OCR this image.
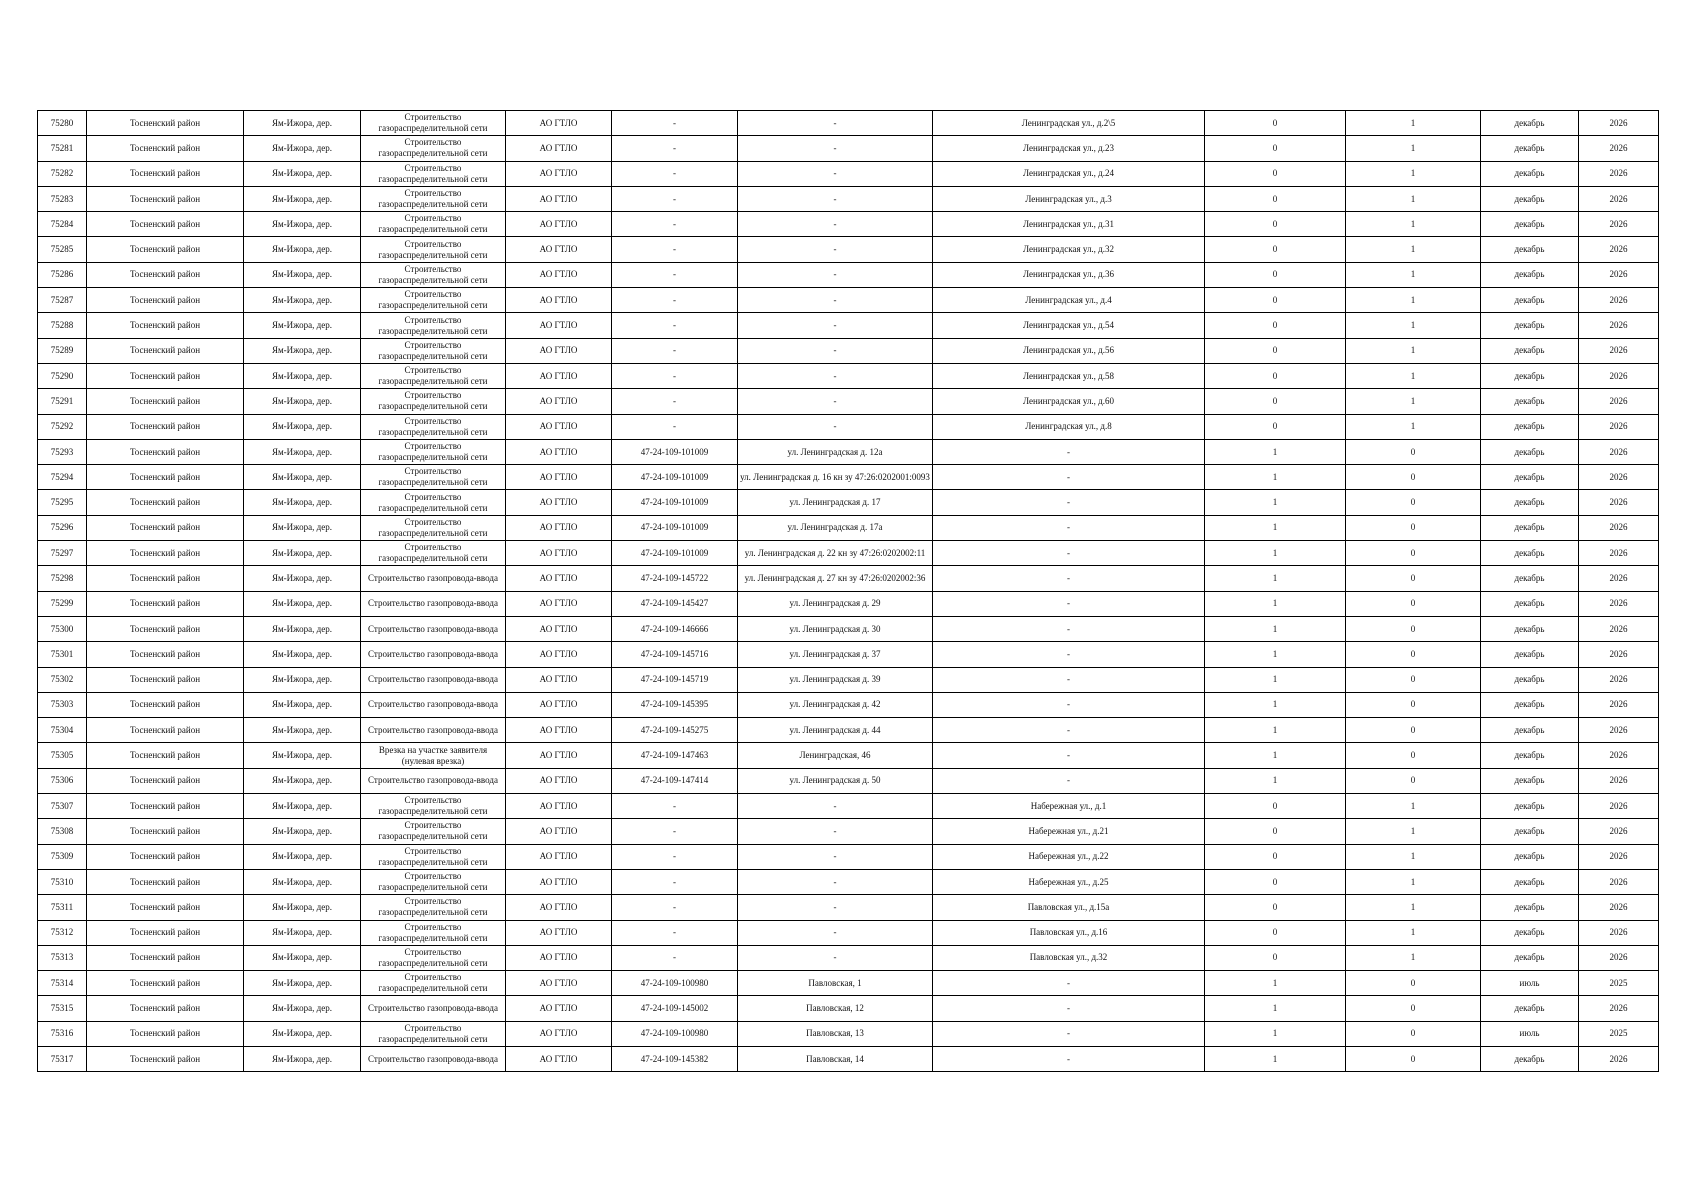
75280	Тосненский район	Ям-Ижора, дер.	Строительство газораспределительной сети	АО ГТЛО	-	-	Ленинградская ул., д.2\5	0	1	декабрь	2026
75281	Тосненский район	Ям-Ижора, дер.	Строительство газораспределительной сети	АО ГТЛО	-	-	Ленинградская ул., д.23	0	1	декабрь	2026
75282	Тосненский район	Ям-Ижора, дер.	Строительство газораспределительной сети	АО ГТЛО	-	-	Ленинградская ул., д.24	0	1	декабрь	2026
75283	Тосненский район	Ям-Ижора, дер.	Строительство газораспределительной сети	АО ГТЛО	-	-	Ленинградская ул., д.3	0	1	декабрь	2026
75284	Тосненский район	Ям-Ижора, дер.	Строительство газораспределительной сети	АО ГТЛО	-	-	Ленинградская ул., д.31	0	1	декабрь	2026
75285	Тосненский район	Ям-Ижора, дер.	Строительство газораспределительной сети	АО ГТЛО	-	-	Ленинградская ул., д.32	0	1	декабрь	2026
75286	Тосненский район	Ям-Ижора, дер.	Строительство газораспределительной сети	АО ГТЛО	-	-	Ленинградская ул., д.36	0	1	декабрь	2026
75287	Тосненский район	Ям-Ижора, дер.	Строительство газораспределительной сети	АО ГТЛО	-	-	Ленинградская ул., д.4	0	1	декабрь	2026
75288	Тосненский район	Ям-Ижора, дер.	Строительство газораспределительной сети	АО ГТЛО	-	-	Ленинградская ул., д.54	0	1	декабрь	2026
75289	Тосненский район	Ям-Ижора, дер.	Строительство газораспределительной сети	АО ГТЛО	-	-	Ленинградская ул., д.56	0	1	декабрь	2026
75290	Тосненский район	Ям-Ижора, дер.	Строительство газораспределительной сети	АО ГТЛО	-	-	Ленинградская ул., д.58	0	1	декабрь	2026
75291	Тосненский район	Ям-Ижора, дер.	Строительство газораспределительной сети	АО ГТЛО	-	-	Ленинградская ул., д.60	0	1	декабрь	2026
75292	Тосненский район	Ям-Ижора, дер.	Строительство газораспределительной сети	АО ГТЛО	-	-	Ленинградская ул., д.8	0	1	декабрь	2026
75293	Тосненский район	Ям-Ижора, дер.	Строительство газораспределительной сети	АО ГТЛО	47-24-109-101009	ул. Ленинградская д. 12а	-	1	0	декабрь	2026
75294	Тосненский район	Ям-Ижора, дер.	Строительство газораспределительной сети	АО ГТЛО	47-24-109-101009	ул. Ленинградская д. 16 кн зу 47:26:0202001:0093	-	1	0	декабрь	2026
75295	Тосненский район	Ям-Ижора, дер.	Строительство газораспределительной сети	АО ГТЛО	47-24-109-101009	ул. Ленинградская д. 17	-	1	0	декабрь	2026
75296	Тосненский район	Ям-Ижора, дер.	Строительство газораспределительной сети	АО ГТЛО	47-24-109-101009	ул. Ленинградская д. 17а	-	1	0	декабрь	2026
75297	Тосненский район	Ям-Ижора, дер.	Строительство газораспределительной сети	АО ГТЛО	47-24-109-101009	ул. Ленинградская д. 22 кн зу 47:26:0202002:11	-	1	0	декабрь	2026
75298	Тосненский район	Ям-Ижора, дер.	Строительство газопровода-ввода	АО ГТЛО	47-24-109-145722	ул. Ленинградская д. 27 кн зу 47:26:0202002:36	-	1	0	декабрь	2026
75299	Тосненский район	Ям-Ижора, дер.	Строительство газопровода-ввода	АО ГТЛО	47-24-109-145427	ул. Ленинградская д. 29	-	1	0	декабрь	2026
75300	Тосненский район	Ям-Ижора, дер.	Строительство газопровода-ввода	АО ГТЛО	47-24-109-146666	ул. Ленинградская д. 30	-	1	0	декабрь	2026
75301	Тосненский район	Ям-Ижора, дер.	Строительство газопровода-ввода	АО ГТЛО	47-24-109-145716	ул. Ленинградская д. 37	-	1	0	декабрь	2026
75302	Тосненский район	Ям-Ижора, дер.	Строительство газопровода-ввода	АО ГТЛО	47-24-109-145719	ул. Ленинградская д. 39	-	1	0	декабрь	2026
75303	Тосненский район	Ям-Ижора, дер.	Строительство газопровода-ввода	АО ГТЛО	47-24-109-145395	ул. Ленинградская д. 42	-	1	0	декабрь	2026
75304	Тосненский район	Ям-Ижора, дер.	Строительство газопровода-ввода	АО ГТЛО	47-24-109-145275	ул. Ленинградская д. 44	-	1	0	декабрь	2026
75305	Тосненский район	Ям-Ижора, дер.	Врезка на участке заявителя (нулевая врезка)	АО ГТЛО	47-24-109-147463	Ленинградская, 46	-	1	0	декабрь	2026
75306	Тосненский район	Ям-Ижора, дер.	Строительство газопровода-ввода	АО ГТЛО	47-24-109-147414	ул. Ленинградская д. 50	-	1	0	декабрь	2026
75307	Тосненский район	Ям-Ижора, дер.	Строительство газораспределительной сети	АО ГТЛО	-	-	Набережная ул., д.1	0	1	декабрь	2026
75308	Тосненский район	Ям-Ижора, дер.	Строительство газораспределительной сети	АО ГТЛО	-	-	Набережная ул., д.21	0	1	декабрь	2026
75309	Тосненский район	Ям-Ижора, дер.	Строительство газораспределительной сети	АО ГТЛО	-	-	Набережная ул., д.22	0	1	декабрь	2026
75310	Тосненский район	Ям-Ижора, дер.	Строительство газораспределительной сети	АО ГТЛО	-	-	Набережная ул., д.25	0	1	декабрь	2026
75311	Тосненский район	Ям-Ижора, дер.	Строительство газораспределительной сети	АО ГТЛО	-	-	Павловская ул., д.15а	0	1	декабрь	2026
75312	Тосненский район	Ям-Ижора, дер.	Строительство газораспределительной сети	АО ГТЛО	-	-	Павловская ул., д.16	0	1	декабрь	2026
75313	Тосненский район	Ям-Ижора, дер.	Строительство газораспределительной сети	АО ГТЛО	-	-	Павловская ул., д.32	0	1	декабрь	2026
75314	Тосненский район	Ям-Ижора, дер.	Строительство газораспределительной сети	АО ГТЛО	47-24-109-100980	Павловская, 1	-	1	0	июль	2025
75315	Тосненский район	Ям-Ижора, дер.	Строительство газопровода-ввода	АО ГТЛО	47-24-109-145002	Павловская, 12	-	1	0	декабрь	2026
75316	Тосненский район	Ям-Ижора, дер.	Строительство газораспределительной сети	АО ГТЛО	47-24-109-100980	Павловская, 13	-	1	0	июль	2025
75317	Тосненский район	Ям-Ижора, дер.	Строительство газопровода-ввода	АО ГТЛО	47-24-109-145382	Павловская, 14	-	1	0	декабрь	2026
